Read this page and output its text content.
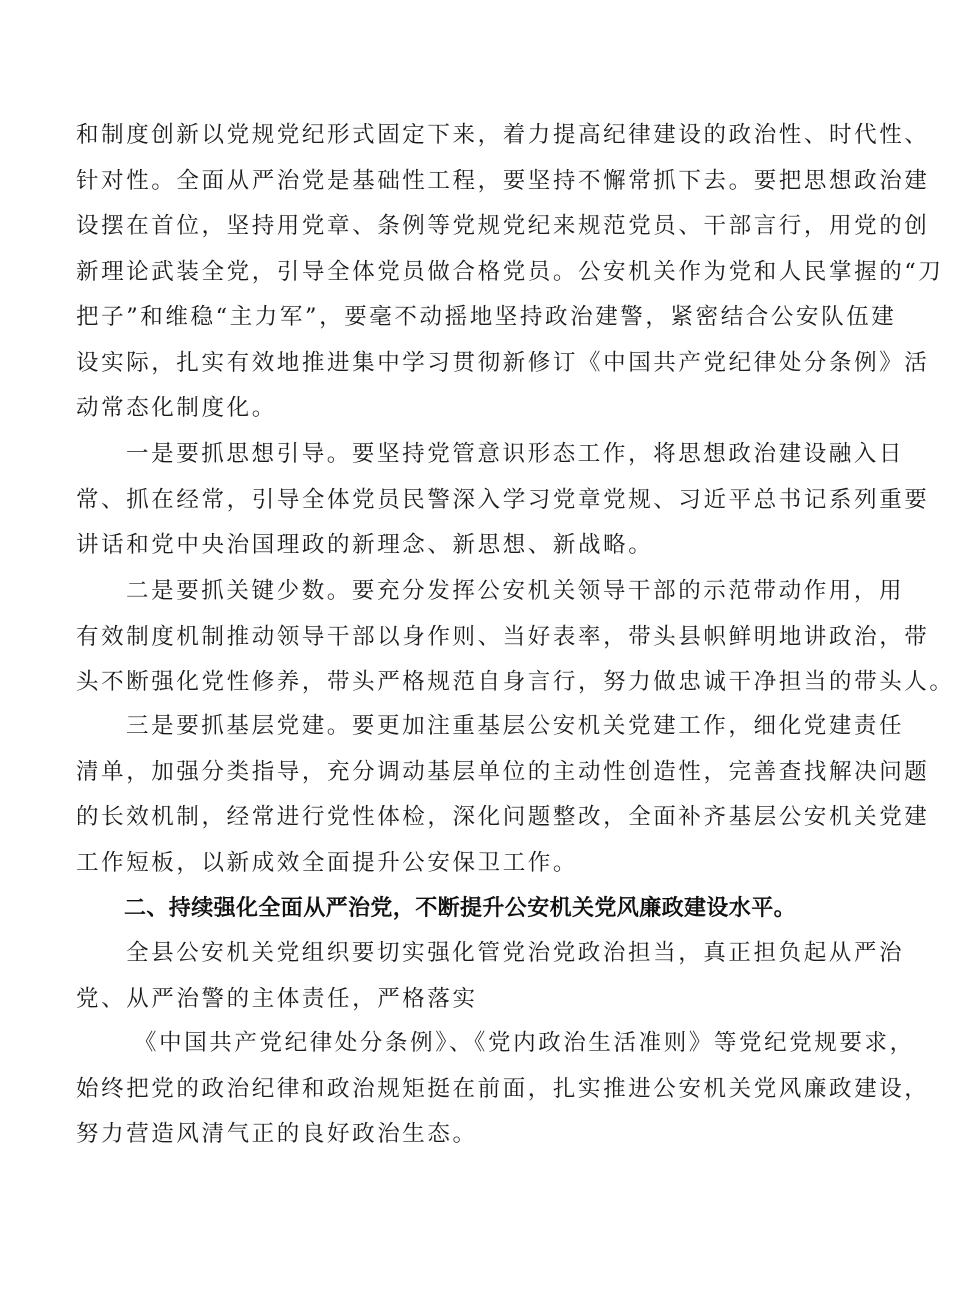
和制度创新以党规党纪形式固定下来，着力提高纪律建设的政治性、时代性、
针对性。全面从严治党是基础性工程，要坚持不懈常抓下去。要把思想政治建
设摆在首位，坚持用党章、条例等党规党纪来规范党员、干部言行，用党的创
新理论武装全党，引导全体党员做合格党员。公安机关作为党和人民掌握的“刀
把子”和维稳“主力军”，要毫不动摇地坚持政治建警，紧密结合公安队伍建
设实际，扎实有效地推进集中学习贯彻新修订《中国共产党纪律处分条例》活
动常态化制度化。
一是要抓思想引导。要坚持党管意识形态工作，将思想政治建设融入日
常、抓在经常，引导全体党员民警深入学习党章党规、习近平总书记系列重要
讲话和党中央治国理政的新理念、新思想、新战略。
二是要抓关键少数。要充分发挥公安机关领导干部的示范带动作用，用
有效制度机制推动领导干部以身作则、当好表率，带头县帜鲜明地讲政治，带
头不断强化党性修养，带头严格规范自身言行，努力做忠诚干净担当的带头人。
三是要抓基层党建。要更加注重基层公安机关党建工作，细化党建责任
清单，加强分类指导，充分调动基层单位的主动性创造性，完善查找解决问题
的长效机制，经常进行党性体检，深化问题整改，全面补齐基层公安机关党建
工作短板，以新成效全面提升公安保卫工作。
二、持续强化全面从严治党，不断提升公安机关党风廉政建设水平。
全县公安机关党组织要切实强化管党治党政治担当，真正担负起从严治
党、从严治警的主体责任，严格落实
《中国共产党纪律处分条例》、《党内政治生活准则》等党纪党规要求，
始终把党的政治纪律和政治规矩挺在前面，扎实推进公安机关党风廉政建设，
努力营造风清气正的良好政治生态。
